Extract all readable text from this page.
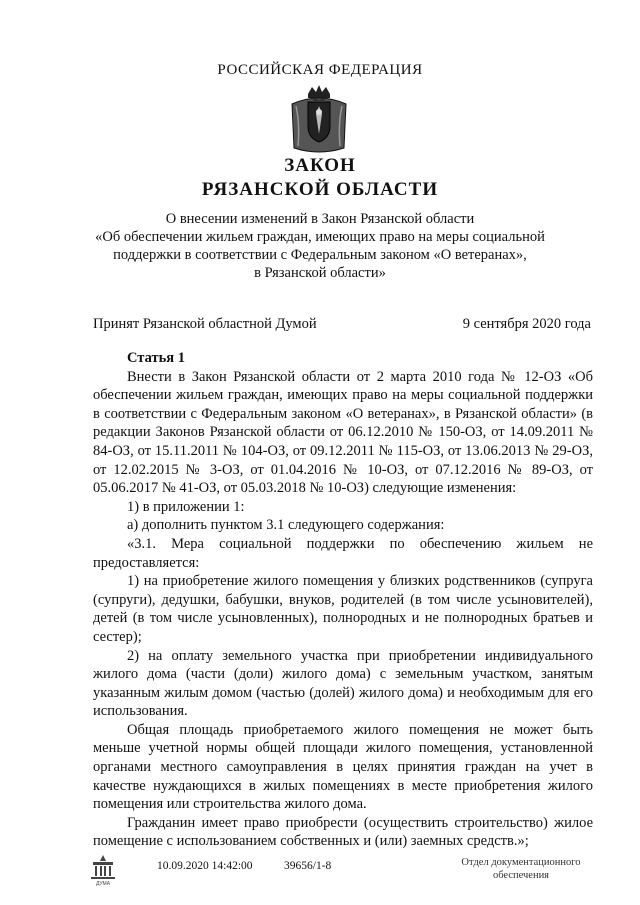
РОССИЙСКАЯ ФЕДЕРАЦИЯ
ЗАКОН
РЯЗАНСКОЙ ОБЛАСТИ
О внесении изменений в Закон Рязанской области
«Об обеспечении жильем граждан, имеющих право на меры социальной
поддержки в соответствии с Федеральным законом «О ветеранах»,
в Рязанской области»
Принят Рязанской областной Думой	9 сентября 2020 года

Статья 1

Внести в Закон Рязанской области от 2 марта 2010 года № 12-ОЗ «Об обеспечении жильем граждан, имеющих право на меры социальной поддержки в соответствии с Федеральным законом «О ветеранах», в Рязанской области» (в редакции Законов Рязанской области от 06.12.2010 № 150-ОЗ, от 14.09.2011 № 84-ОЗ, от 15.11.2011 № 104-ОЗ, от 09.12.2011 № 115-ОЗ, от 13.06.2013 № 29-ОЗ, от 12.02.2015 № 3-ОЗ, от 01.04.2016 № 10-ОЗ, от 07.12.2016 № 89-ОЗ, от 05.06.2017 № 41-ОЗ, от 05.03.2018 № 10-ОЗ) следующие изменения:

1) в приложении 1:

а) дополнить пунктом 3.1 следующего содержания:

«3.1. Мера социальной поддержки по обеспечению жильем не предоставляется:

1) на приобретение жилого помещения у близких родственников (супруга (супруги), дедушки, бабушки, внуков, родителей (в том числе усыновителей), детей (в том числе усыновленных), полнородных и не полнородных братьев и сестер);

2) на оплату земельного участка при приобретении индивидуального жилого дома (части (доли) жилого дома) с земельным участком, занятым указанным жилым домом (частью (долей) жилого дома) и необходимым для его использования.

Общая площадь приобретаемого жилого помещения не может быть меньше учетной нормы общей площади жилого помещения, установленной органами местного самоуправления в целях принятия граждан на учет в качестве нуждающихся в жилых помещениях в месте приобретения жилого помещения или строительства жилого дома.

Гражданин имеет право приобрести (осуществить строительство) жилое помещение с использованием собственных и (или) заемных средств.»;

ДУМА
10.09.2020 14:42:00	39656/1-8	Отдел документационного
обеспечения
